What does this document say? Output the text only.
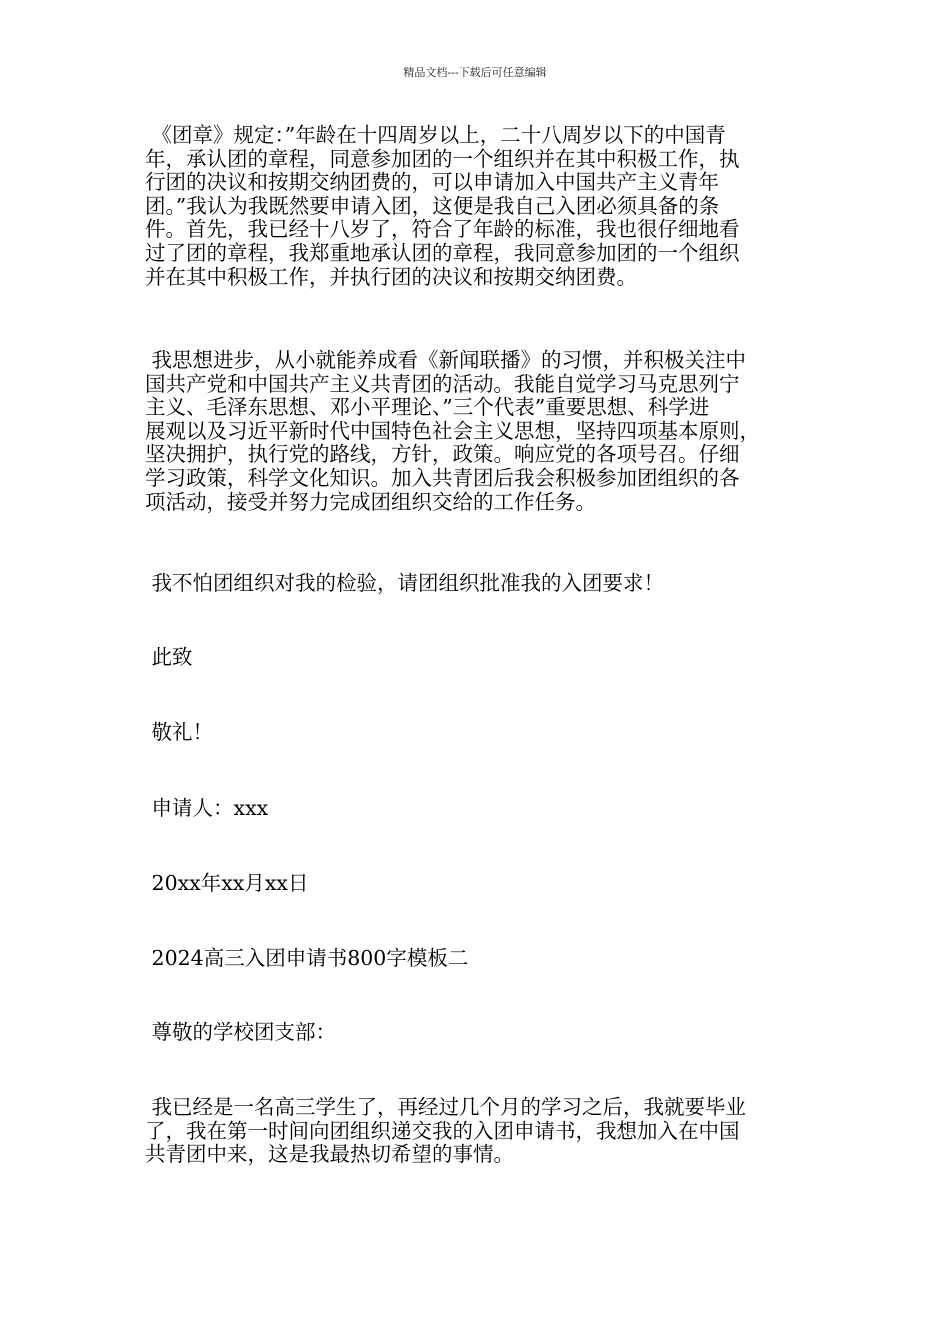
精品文档---下载后可任意编辑

《团章》规定：”年龄在十四周岁以上，二十八周岁以下的中国青
年，承认团的章程，同意参加团的一个组织并在其中积极工作，执
行团的决议和按期交纳团费的，可以申请加入中国共产主义青年
团。”我认为我既然要申请入团，这便是我自己入团必须具备的条
件。首先，我已经十八岁了，符合了年龄的标准，我也很仔细地看
过了团的章程，我郑重地承认团的章程，我同意参加团的一个组织
并在其中积极工作，并执行团的决议和按期交纳团费。

我思想进步，从小就能养成看《新闻联播》的习惯，并积极关注中
国共产党和中国共产主义共青团的活动。我能自觉学习马克思列宁
主义、毛泽东思想、邓小平理论、”三个代表”重要思想、科学进
展观以及习近平新时代中国特色社会主义思想，坚持四项基本原则，
坚决拥护，执行党的路线，方针，政策。响应党的各项号召。仔细
学习政策，科学文化知识。加入共青团后我会积极参加团组织的各
项活动，接受并努力完成团组织交给的工作任务。

我不怕团组织对我的检验，请团组织批准我的入团要求！

此致

敬礼！

申请人：xxx

20xx年xx月xx日

2024高三入团申请书800字模板二

尊敬的学校团支部：

我已经是一名高三学生了，再经过几个月的学习之后，我就要毕业
了，我在第一时间向团组织递交我的入团申请书，我想加入在中国
共青团中来，这是我最热切希望的事情。
